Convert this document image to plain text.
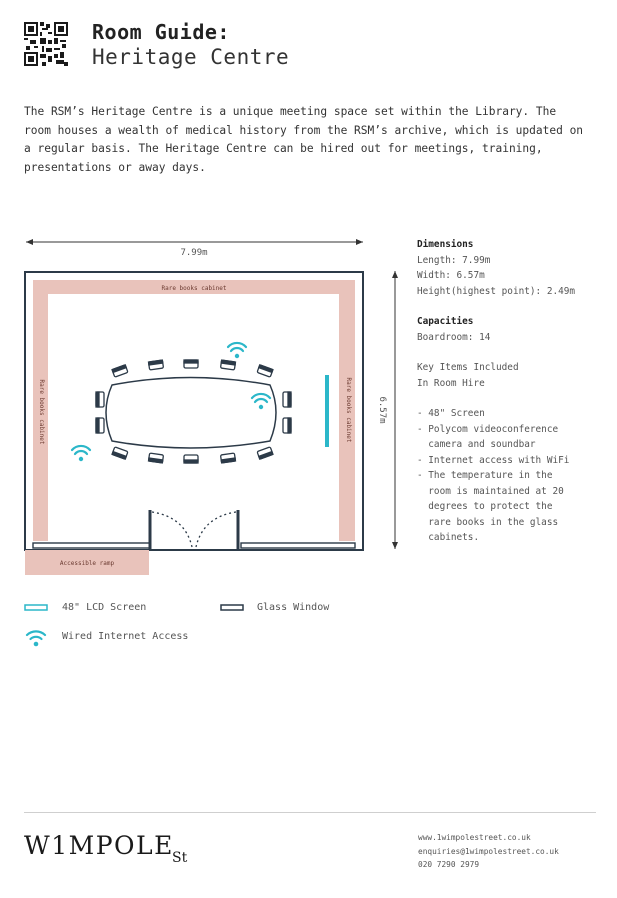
Room Guide:
Heritage Centre

The RSM’s Heritage Centre is a unique meeting space set within the Library. The room houses a wealth of medical history from the RSM’s archive, which is updated on a regular basis. The Heritage Centre can be hired out for meetings, training, presentations or away days.

7.99m
6.57m
Rare books cabinet
Rare books cabinet	Rare books cabinet
Accessible ramp
Dimensions
Length: 7.99m
Width: 6.57m
Height(highest point): 2.49m
Capacities
Boardroom: 14
Key Items Included
In Room Hire
- 48" Screen
- Polycom videoconference
camera and soundbar
- Internet access with WiFi
- The temperature in the
room is maintained at 20
degrees to protect the
rare books in the glass
cabinets.
48" LCD Screen	Glass Window
Wired Internet Access
W1MPOLE
St
www.1wimpolestreet.co.uk
enquiries@1wimpolestreet.co.uk
020 7290 2979
